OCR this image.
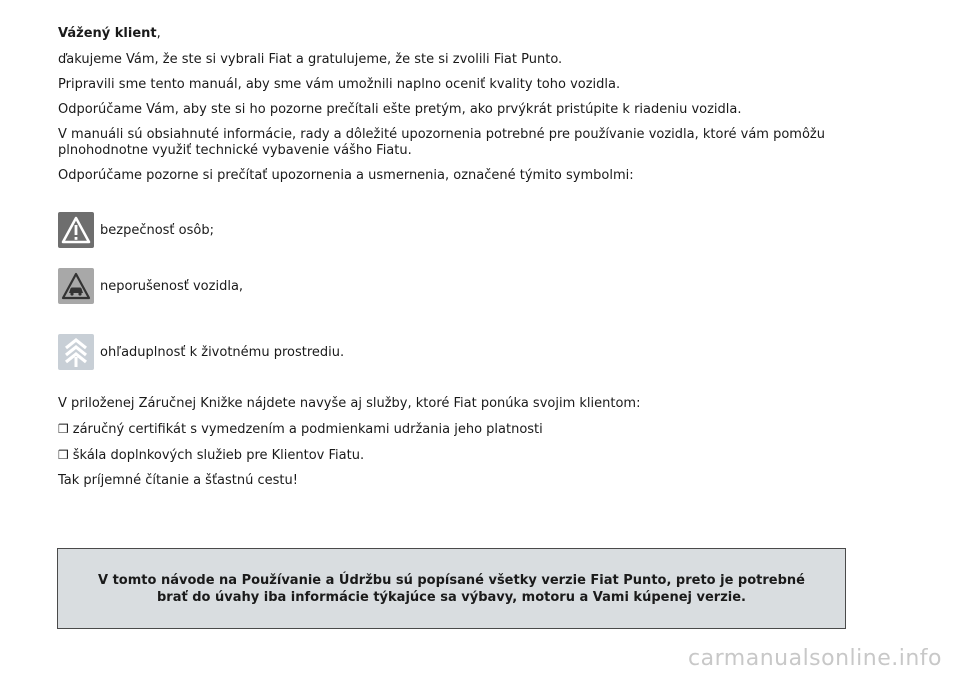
Vážený klient,

ďakujeme Vám, že ste si vybrali Fiat a gratulujeme, že ste si zvolili Fiat Punto.

Pripravili sme tento manuál, aby sme vám umožnili naplno oceniť kvality toho vozidla.

Odporúčame Vám, aby ste si ho pozorne prečítali ešte pretým, ako prvýkrát pristúpite k riadeniu vozidla.

V manuáli sú obsiahnuté informácie, rady a dôležité upozornenia potrebné pre používanie vozidla, ktoré vám pomôžu plnohodnotne využiť technické vybavenie vášho Fiatu.

Odporúčame pozorne si prečítať upozornenia a usmernenia, označené týmito symbolmi:

bezpečnosť osôb;
neporušenosť vozidla,
ohľaduplnosť k životnému prostrediu.

V priloženej Záručnej Knižke nájdete navyše aj služby, ktoré Fiat ponúka svojim klientom:

❒ záručný certifikát s vymedzením a podmienkami udržania jeho platnosti

❒ škála doplnkových služieb pre Klientov Fiatu.

Tak príjemné čítanie a šťastnú cestu!

V tomto návode na Používanie a Údržbu sú popísané všetky verzie Fiat Punto, preto je potrebné brať do úvahy iba informácie týkajúce sa výbavy, motoru a Vami kúpenej verzie.
carmanualsonline.info
